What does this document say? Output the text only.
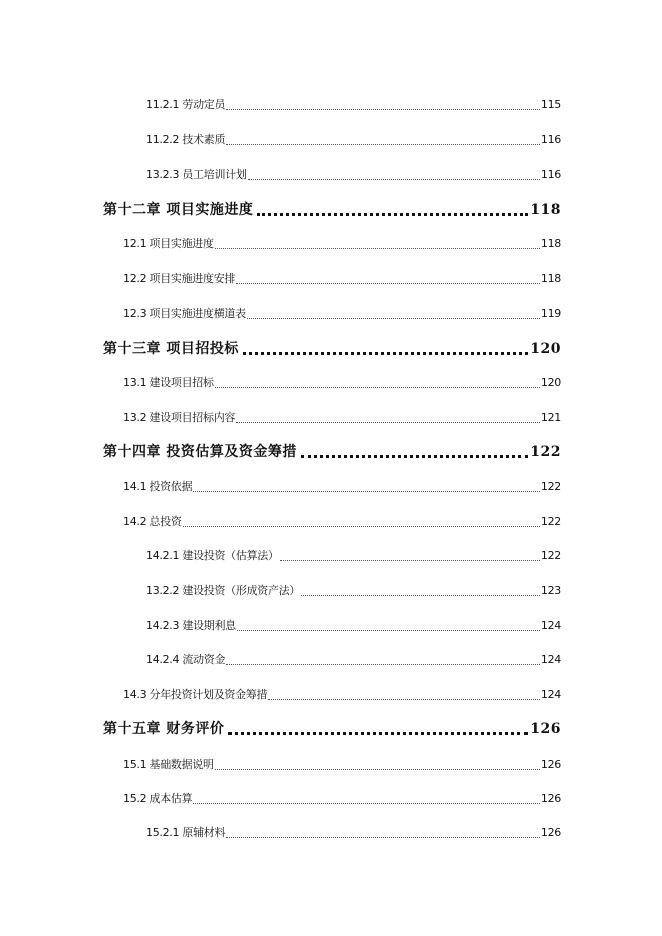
11.2.1 劳动定员	115
11.2.2 技术素质	116
13.2.3 员工培训计划	116
第十二章 项目实施进度	118
12.1 项目实施进度	118
12.2 项目实施进度安排	118
12.3 项目实施进度横道表	119
第十三章 项目招投标	120
13.1 建设项目招标	120
13.2 建设项目招标内容	121
第十四章 投资估算及资金筹措	122
14.1 投资依据	122
14.2 总投资	122
14.2.1 建设投资（估算法）	122
13.2.2 建设投资（形成资产法）	123
14.2.3 建设期利息	124
14.2.4 流动资金	124
14.3 分年投资计划及资金筹措	124
第十五章 财务评价	126
15.1 基础数据说明	126
15.2 成本估算	126
15.2.1 原辅材料	126
